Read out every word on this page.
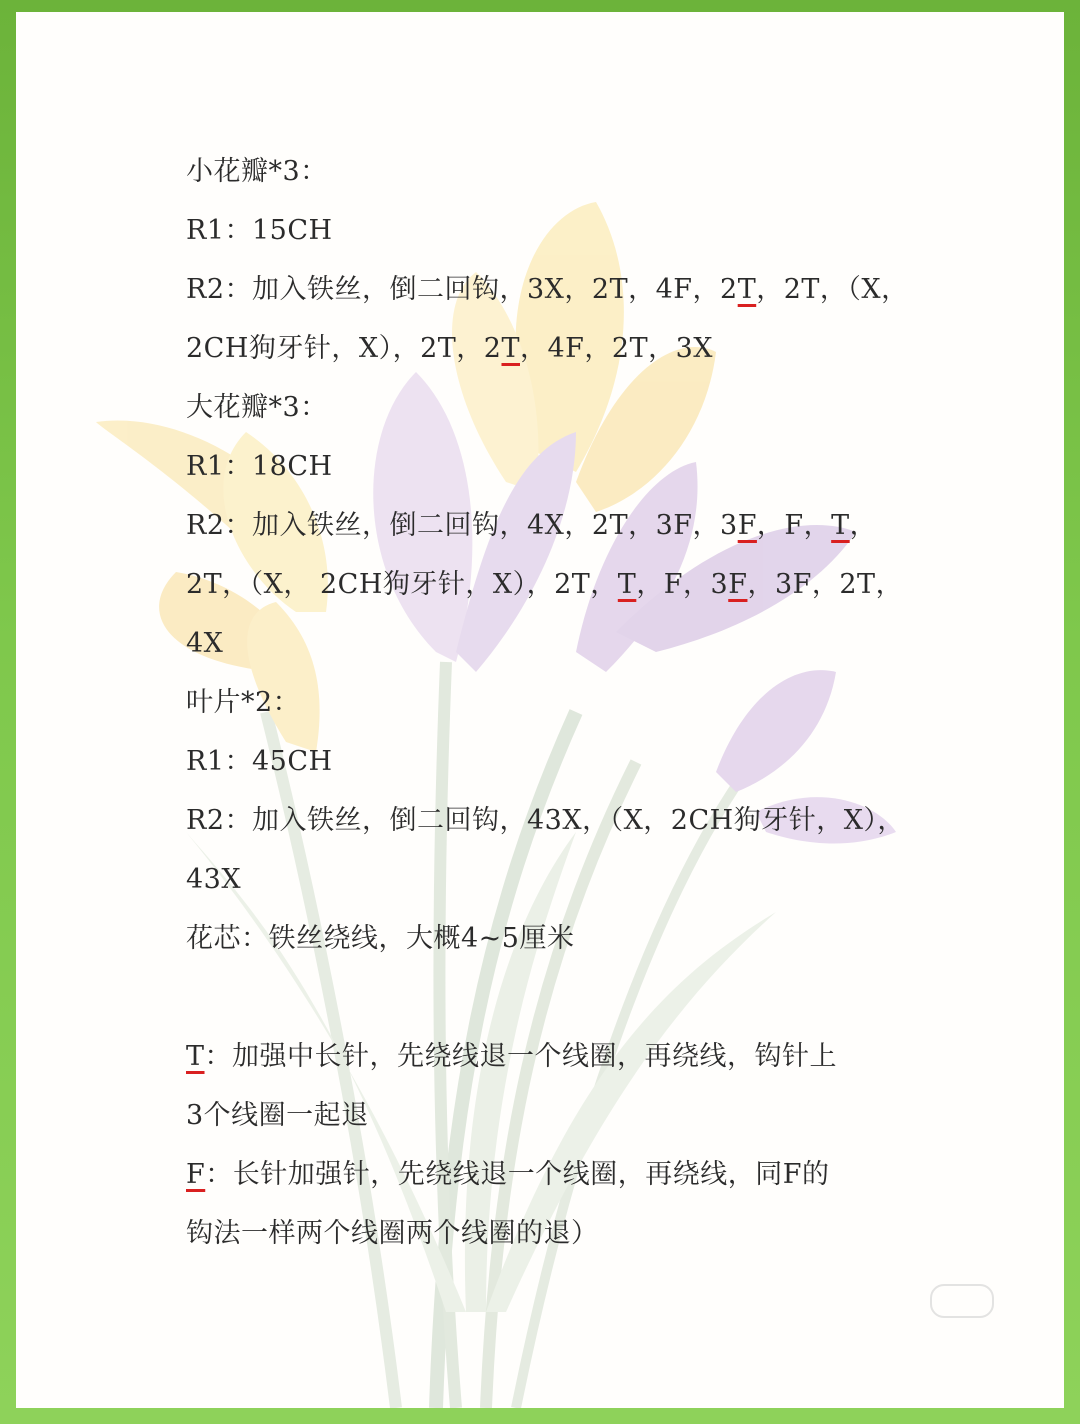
小花瓣*3：
R1：15CH
R2：加入铁丝，倒二回钩，3X，2T，4F，2T，2T，（X，
2CH狗牙针，X），2T，2T，4F，2T，3X
大花瓣*3：
R1：18CH
R2：加入铁丝，倒二回钩，4X，2T，3F，3F，F，T，
2T，（X， 2CH狗牙针，X），2T，T，F，3F，3F，2T，
4X
叶片*2：
R1：45CH
R2：加入铁丝，倒二回钩，43X，（X，2CH狗牙针，X），
43X
花芯：铁丝绕线，大概4~5厘米
T：加强中长针，先绕线退一个线圈，再绕线，钩针上
3个线圈一起退
F：长针加强针，先绕线退一个线圈，再绕线，同F的
钩法一样两个线圈两个线圈的退）
